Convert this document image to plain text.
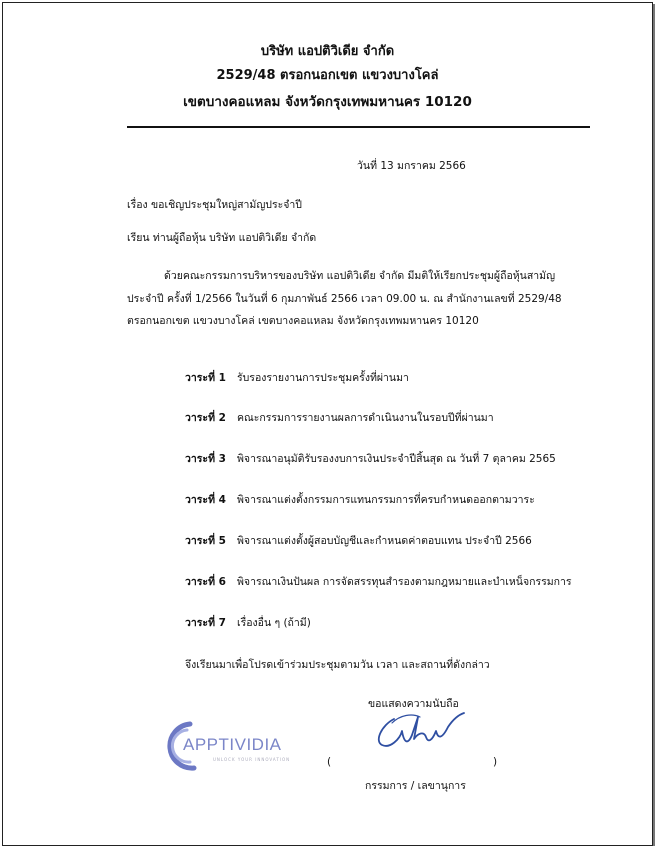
บริษัท แอปติวิเดีย จำกัด
2529/48 ตรอกนอกเขต แขวงบางโคล่
เขตบางคอแหลม จังหวัดกรุงเทพมหานคร 10120
วันที่ 13 มกราคม 2566
เรื่อง ขอเชิญประชุมใหญ่สามัญประจำปี
เรียน ท่านผู้ถือหุ้น บริษัท แอปติวิเดีย จำกัด
ด้วยคณะกรรมการบริหารของบริษัท แอปติวิเดีย จำกัด มีมติให้เรียกประชุมผู้ถือหุ้นสามัญ
ประจำปี ครั้งที่ 1/2566 ในวันที่ 6 กุมภาพันธ์ 2566 เวลา 09.00 น. ณ สำนักงานเลขที่ 2529/48
ตรอกนอกเขต แขวงบางโคล่ เขตบางคอแหลม จังหวัดกรุงเทพมหานคร 10120
วาระที่ 1 รับรองรายงานการประชุมครั้งที่ผ่านมา
วาระที่ 2 คณะกรรมการรายงานผลการดำเนินงานในรอบปีที่ผ่านมา
วาระที่ 3 พิจารณาอนุมัติรับรองงบการเงินประจำปีสิ้นสุด ณ วันที่ 7 ตุลาคม 2565
วาระที่ 4 พิจารณาแต่งตั้งกรรมการแทนกรรมการที่ครบกำหนดออกตามวาระ
วาระที่ 5 พิจารณาแต่งตั้งผู้สอบบัญชีและกำหนดค่าตอบแทน ประจำปี 2566
วาระที่ 6 พิจารณาเงินปันผล การจัดสรรทุนสำรองตามกฎหมายและบำเหน็จกรรมการ
วาระที่ 7 เรื่องอื่น ๆ (ถ้ามี)
จึงเรียนมาเพื่อโปรดเข้าร่วมประชุมตามวัน เวลา และสถานที่ดังกล่าว
ขอแสดงความนับถือ
APPTIVIDIA
UNLOCK YOUR INNOVATION	(	)
กรรมการ / เลขานุการ
